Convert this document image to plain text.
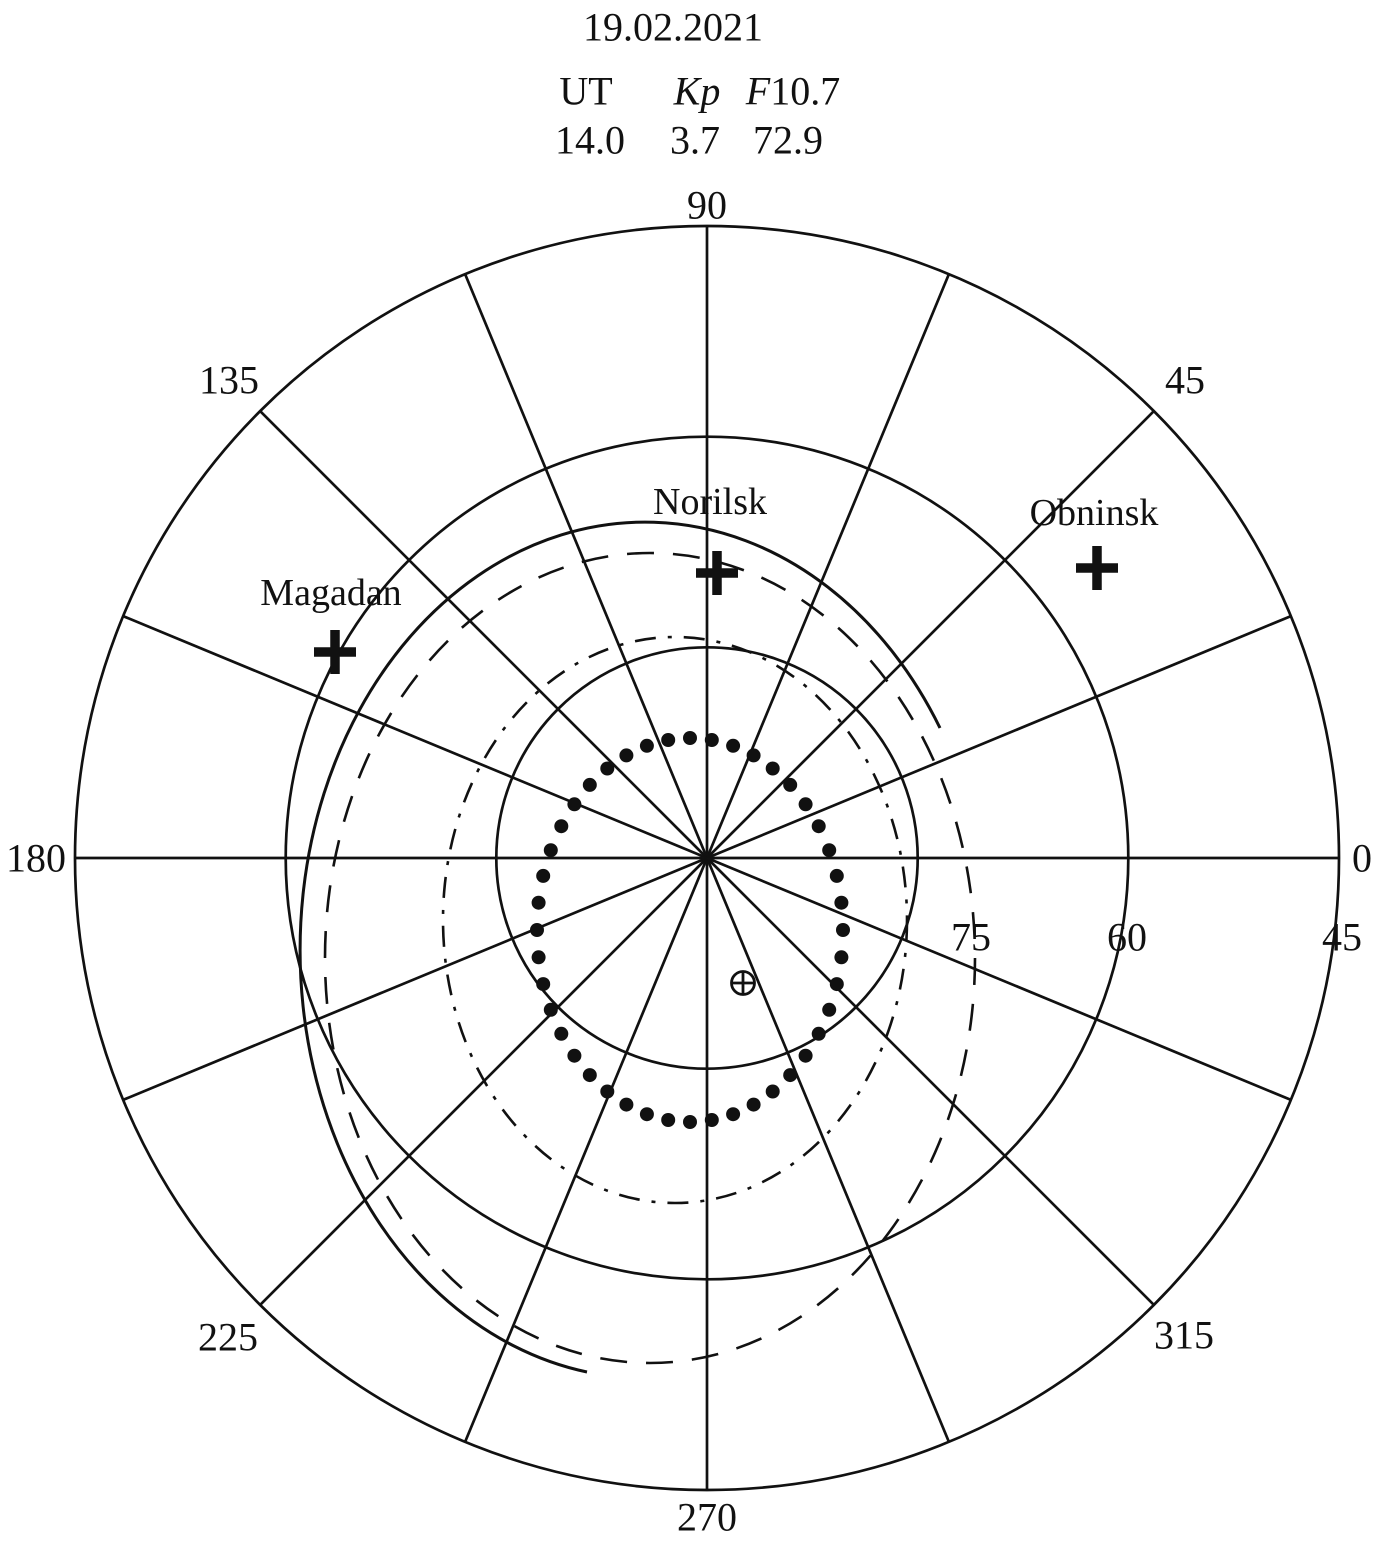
19.02.2021
UT Kp F10.7
14.0 3.7 72.9
0
45
90
135
180
225
270
315
75	60	45
Norilsk	Obninsk
Magadan
